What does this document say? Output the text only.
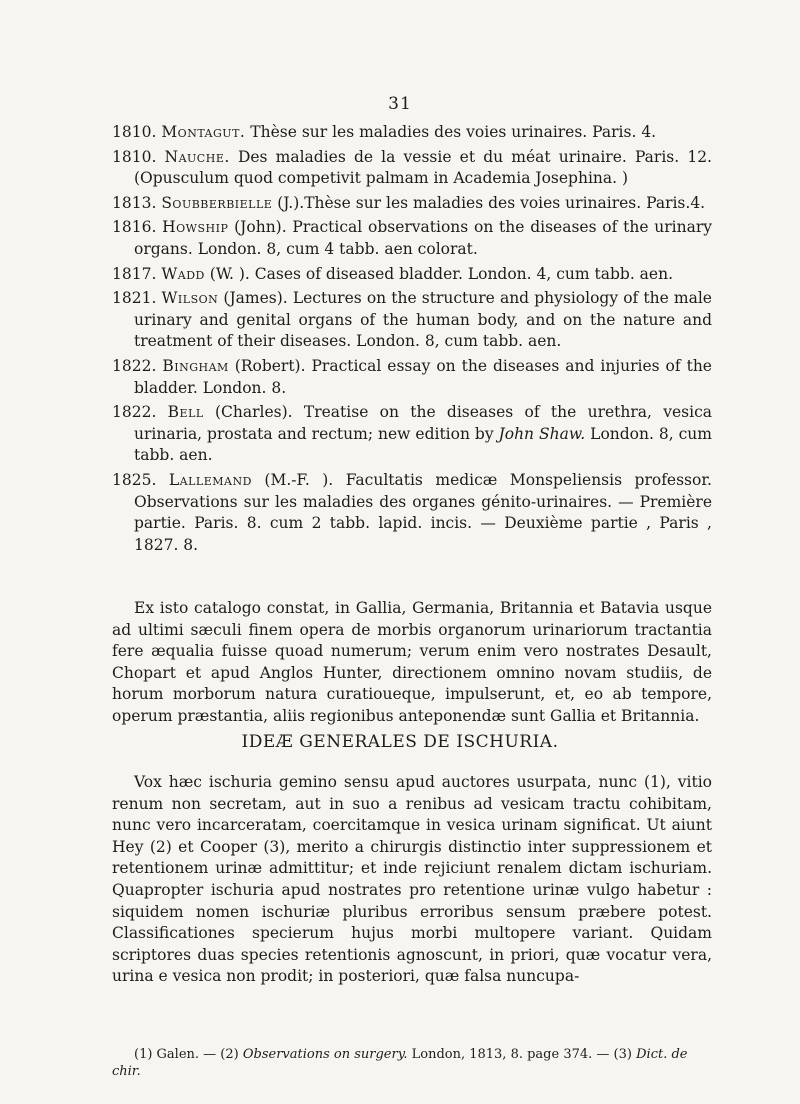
31

1810. Montagut. Thèse sur les maladies des voies urinaires. Paris. 4.

1810. Nauche. Des maladies de la vessie et du méat urinaire. Paris. 12. (Opusculum quod competivit palmam in Academia Josephina. )

1813. Soubberbielle (J.).Thèse sur les maladies des voies urinaires. Paris.4.

1816. Howship (John). Practical observations on the diseases of the urinary organs. London. 8, cum 4 tabb. aen colorat.

1817. Wadd (W. ). Cases of diseased bladder. London. 4, cum tabb. aen.

1821. Wilson (James). Lectures on the structure and physiology of the male urinary and genital organs of the human body, and on the nature and treatment of their diseases. London. 8, cum tabb. aen.

1822. Bingham (Robert). Practical essay on the diseases and injuries of the bladder. London. 8.

1822. Bell (Charles). Treatise on the diseases of the urethra, vesica urinaria, prostata and rectum; new edition by John Shaw. London. 8, cum tabb. aen.

1825. Lallemand (M.-F. ). Facultatis medicæ Monspeliensis professor. Observations sur les maladies des organes génito-urinaires. — Première partie. Paris. 8. cum 2 tabb. lapid. incis. — Deuxième partie , Paris , 1827. 8.

Ex isto catalogo constat, in Gallia, Germania, Britannia et Batavia usque ad ultimi sæculi finem opera de morbis organorum urinariorum tractantia fere æqualia fuisse quoad numerum; verum enim vero nostrates Desault, Chopart et apud Anglos Hunter, directionem omnino novam studiis, de horum morborum natura curatioueque, impulserunt, et, eo ab tempore, operum præstantia, aliis regionibus anteponendæ sunt Gallia et Britannia.

IDEÆ GENERALES DE ISCHURIA.

Vox hæc ischuria gemino sensu apud auctores usurpata, nunc (1), vitio renum non secretam, aut in suo a renibus ad vesicam tractu cohibitam, nunc vero incarceratam, coercitamque in vesica urinam significat. Ut aiunt Hey (2) et Cooper (3), merito a chirurgis distinctio inter suppressionem et retentionem urinæ admittitur; et inde rejiciunt renalem dictam ischuriam. Quapropter ischuria apud nostrates pro retentione urinæ vulgo habetur : siquidem nomen ischuriæ pluribus erroribus sensum præbere potest. Classificationes specierum hujus morbi multopere variant. Quidam scriptores duas species retentionis agnoscunt, in priori, quæ vocatur vera, urina e vesica non prodit; in posteriori, quæ falsa nuncupa-

(1) Galen. — (2) Observations on surgery. London, 1813, 8. page 374. — (3) Dict. de chir.
